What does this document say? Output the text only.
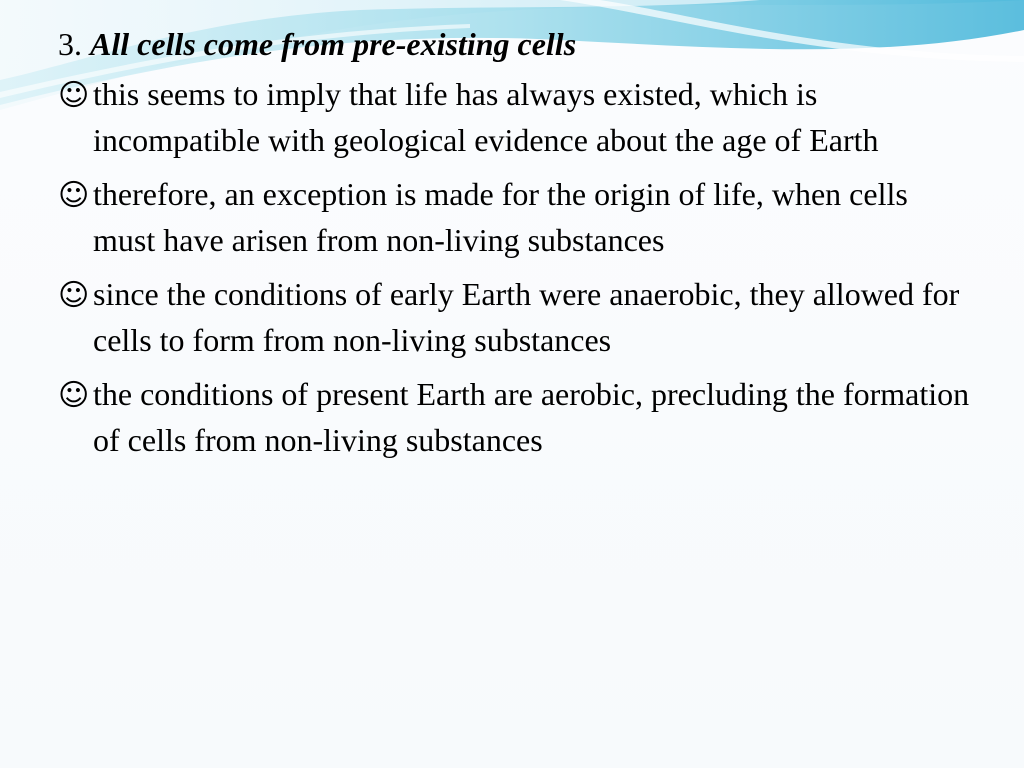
3. All cells come from pre-existing cells
☺ this seems to imply that life has always existed, which is incompatible with geological evidence about the age of Earth
☺ therefore, an exception is made for the origin of life, when cells must have arisen from non-living substances
☺ since the conditions of early Earth were anaerobic, they allowed for cells to form from non-living substances
☺ the conditions of present Earth are aerobic, precluding the formation of cells from non-living substances
